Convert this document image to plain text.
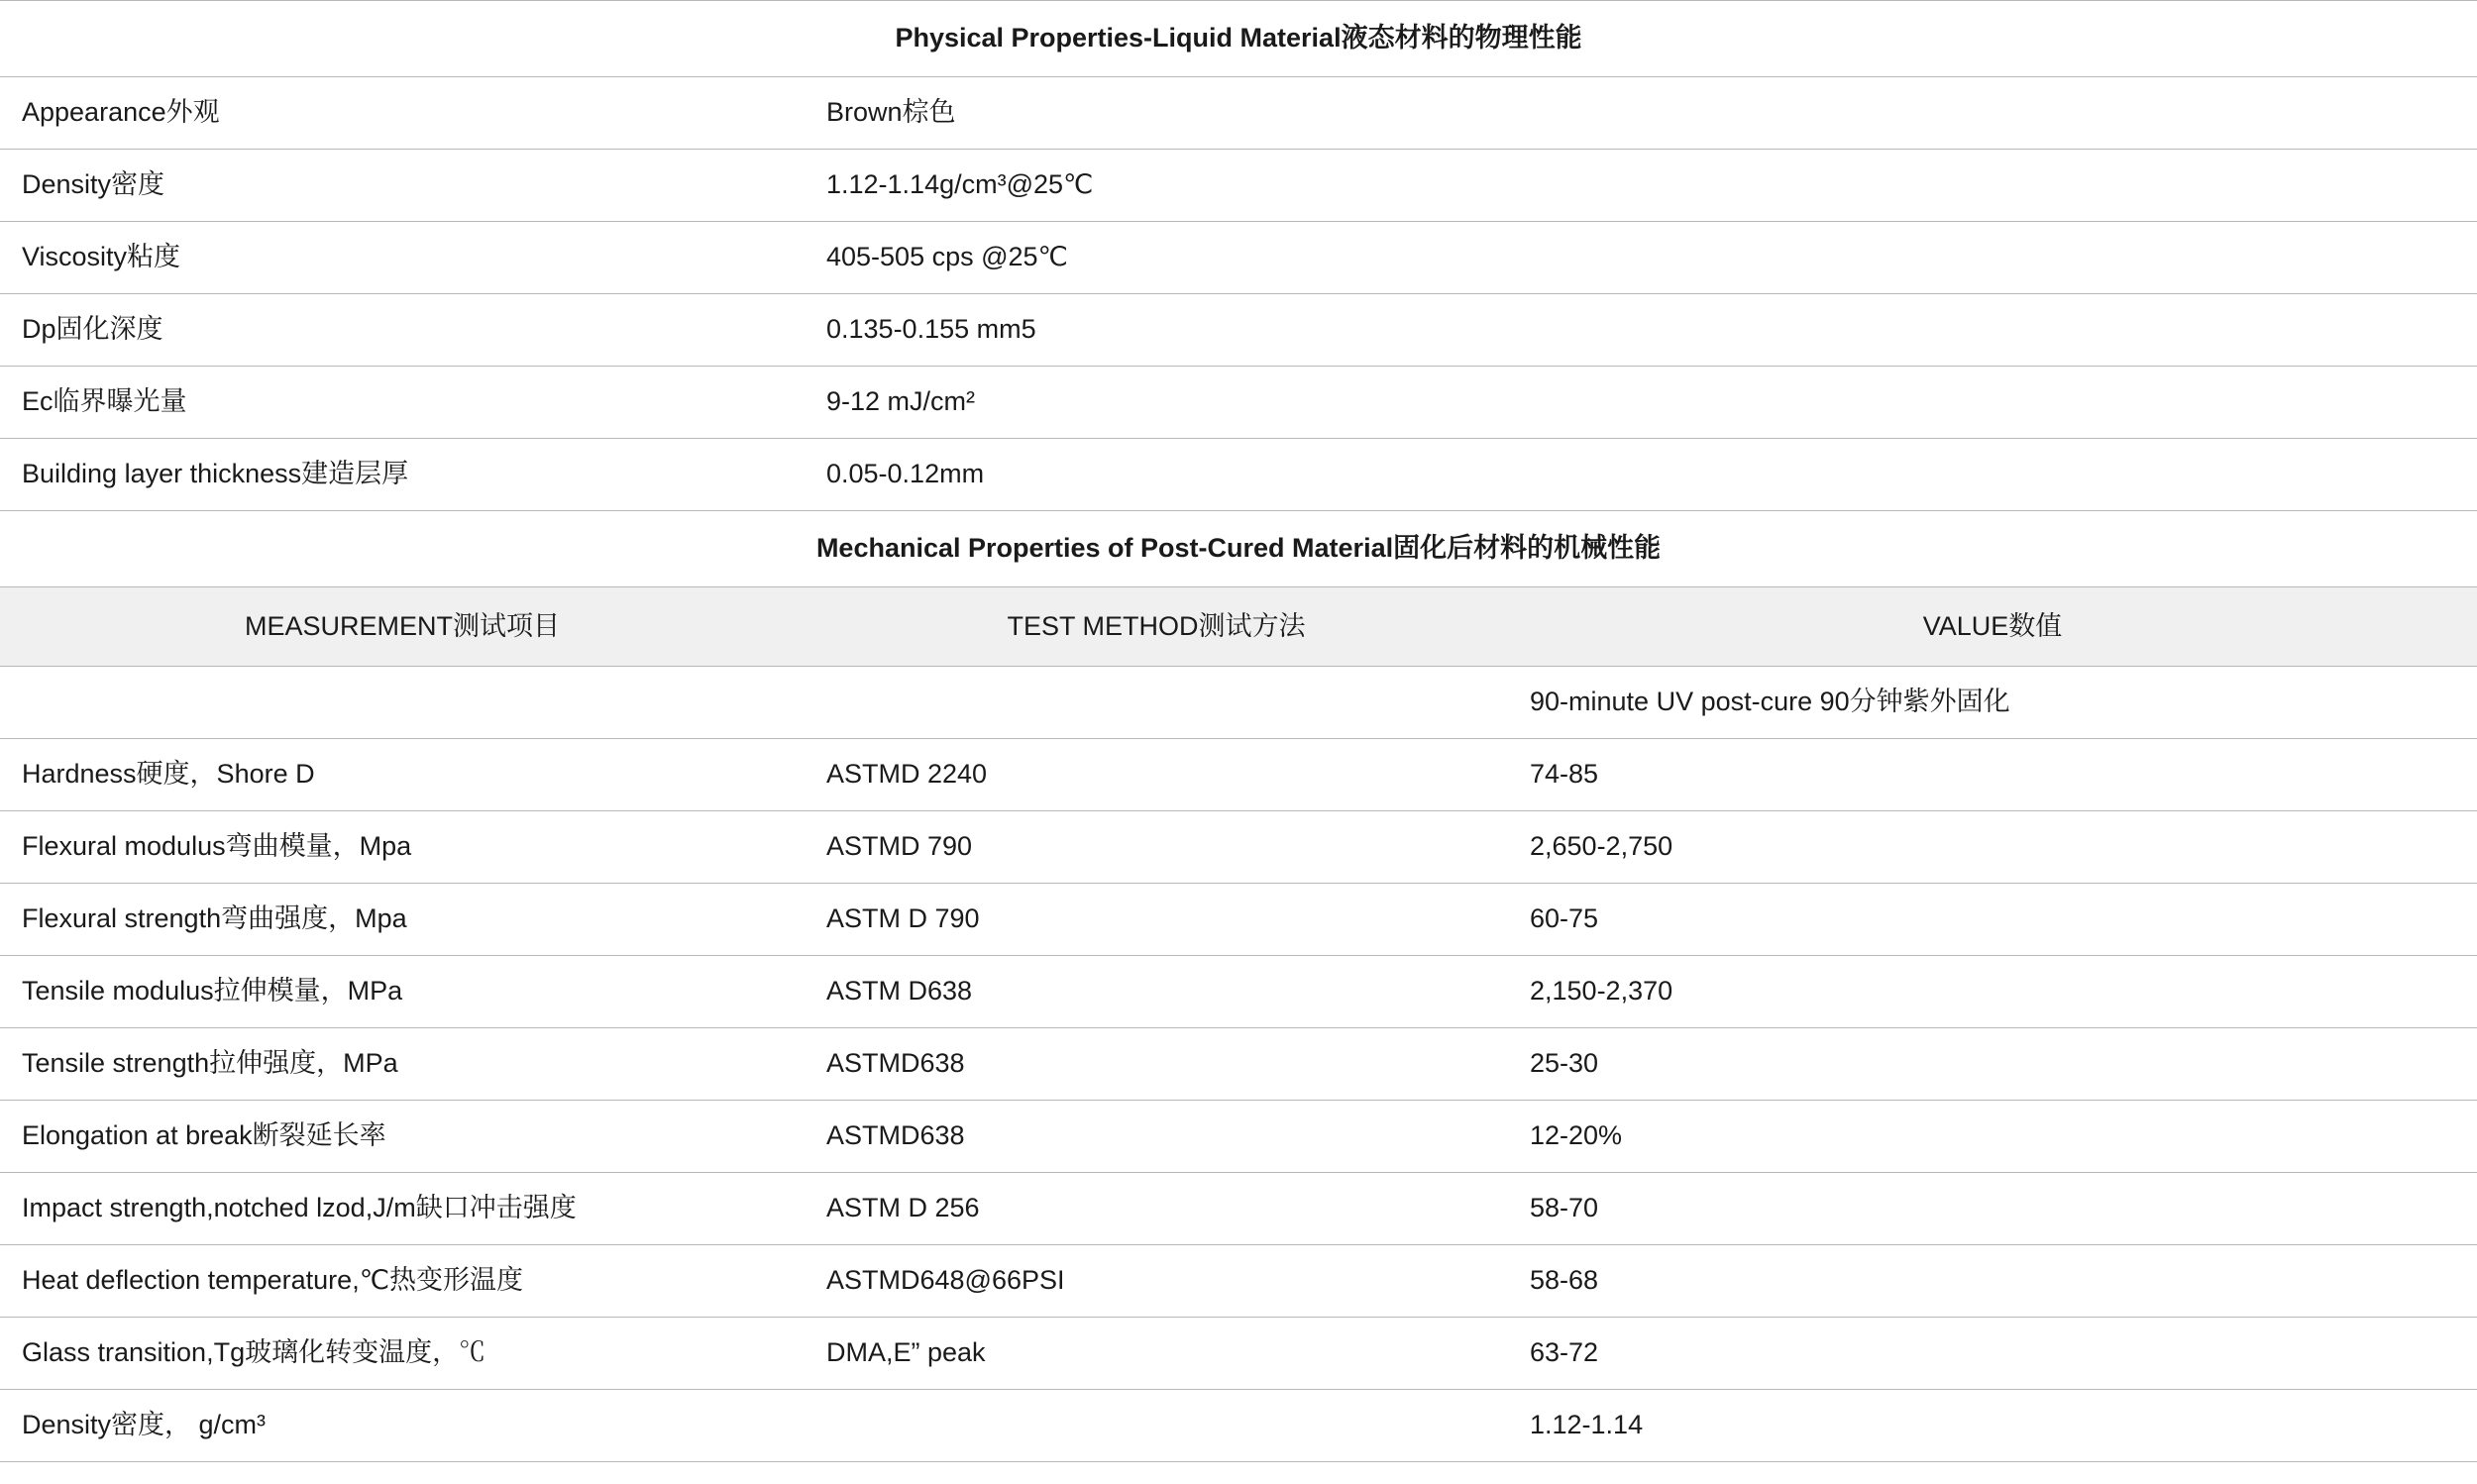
Physical Properties-Liquid Material液态材料的物理性能		

Appearance外观	Brown棕色	

Density密度	1.12-1.14g/cm³@25℃	

Viscosity粘度	405-505 cps @25℃	

Dp固化深度	0.135-0.155 mm5	

Ec临界曝光量	9-12 mJ/cm²	

Building layer thickness建造层厚	0.05-0.12mm	

Mechanical Properties of Post-Cured Material固化后材料的机械性能		

MEASUREMENT测试项目	TEST METHOD测试方法	VALUE数值

		90-minute UV post-cure 90分钟紫外固化

Hardness硬度，Shore D	ASTMD 2240	74-85

Flexural modulus弯曲模量，Mpa	ASTMD 790	2,650-2,750

Flexural strength弯曲强度，Mpa	ASTM D 790	60-75

Tensile modulus拉伸模量，MPa	ASTM D638	2,150-2,370

Tensile strength拉伸强度，MPa	ASTMD638	25-30

Elongation at break断裂延长率	ASTMD638	12-20%

Impact strength,notched lzod,J/m缺口冲击强度	ASTM D 256	58-70

Heat deflection temperature,℃热变形温度	ASTMD648@66PSI	58-68

Glass transition,Tg玻璃化转变温度，℃	DMA,E” peak	63-72

Density密度， g/cm³		1.12-1.14
